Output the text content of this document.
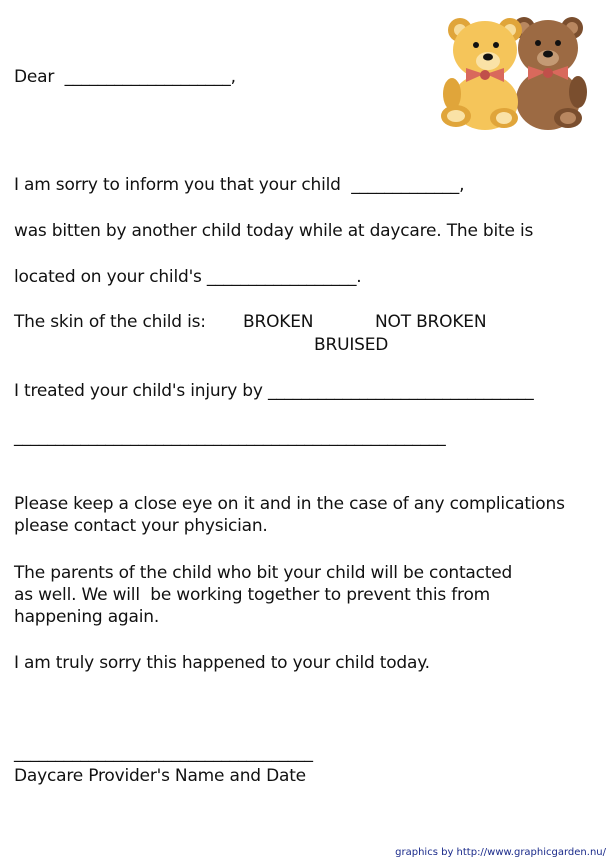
Dear ____________________,
I am sorry to inform you that your child _____________,
was bitten by another child today while at daycare. The bite is
located on your child's __________________.
The skin of the child is: BROKEN	NOT BROKEN
BRUISED
I treated your child's injury by ________________________________
____________________________________________________
Please keep a close eye on it and in the case of any complications
please contact your physician.
The parents of the child who bit your child will be contacted
as well. We will  be working together to prevent this from
happening again.
I am truly sorry this happened to your child today.
____________________________________
Daycare Provider's Name and Date
graphics by http://www.graphicgarden.nu/
